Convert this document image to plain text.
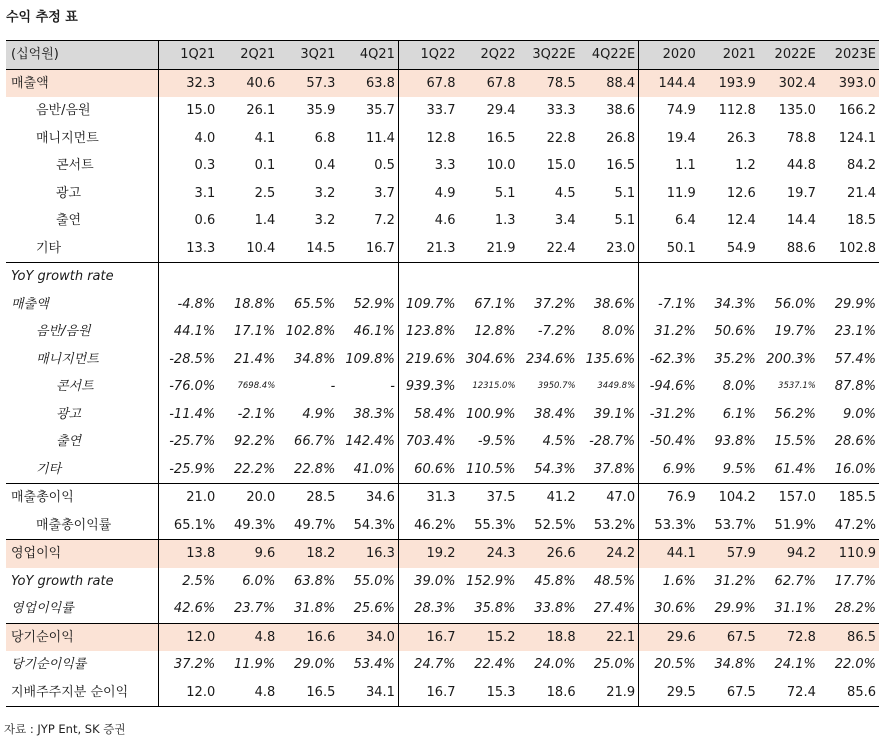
수익 추정 표
(십억원)	1Q21	2Q21	3Q21	4Q21	1Q22	2Q22	3Q22E	4Q22E	2020	2021	2022E	2023E
매출액	32.3	40.6	57.3	63.8	67.8	67.8	78.5	88.4	144.4	193.9	302.4	393.0
음반/음원	15.0	26.1	35.9	35.7	33.7	29.4	33.3	38.6	74.9	112.8	135.0	166.2
매니지먼트	4.0	4.1	6.8	11.4	12.8	16.5	22.8	26.8	19.4	26.3	78.8	124.1
콘서트	0.3	0.1	0.4	0.5	3.3	10.0	15.0	16.5	1.1	1.2	44.8	84.2
광고	3.1	2.5	3.2	3.7	4.9	5.1	4.5	5.1	11.9	12.6	19.7	21.4
출연	0.6	1.4	3.2	7.2	4.6	1.3	3.4	5.1	6.4	12.4	14.4	18.5
기타	13.3	10.4	14.5	16.7	21.3	21.9	22.4	23.0	50.1	54.9	88.6	102.8
YoY growth rate												
매출액	-4.8%	18.8%	65.5%	52.9%	109.7%	67.1%	37.2%	38.6%	-7.1%	34.3%	56.0%	29.9%
음반/음원	44.1%	17.1%	102.8%	46.1%	123.8%	12.8%	-7.2%	8.0%	31.2%	50.6%	19.7%	23.1%
매니지먼트	-28.5%	21.4%	34.8%	109.8%	219.6%	304.6%	234.6%	135.6%	-62.3%	35.2%	200.3%	57.4%
콘서트	-76.0%	7698.4%	-	-	939.3%	12315.0%	3950.7%	3449.8%	-94.6%	8.0%	3537.1%	87.8%
광고	-11.4%	-2.1%	4.9%	38.3%	58.4%	100.9%	38.4%	39.1%	-31.2%	6.1%	56.2%	9.0%
출연	-25.7%	92.2%	66.7%	142.4%	703.4%	-9.5%	4.5%	-28.7%	-50.4%	93.8%	15.5%	28.6%
기타	-25.9%	22.2%	22.8%	41.0%	60.6%	110.5%	54.3%	37.8%	6.9%	9.5%	61.4%	16.0%
매출총이익	21.0	20.0	28.5	34.6	31.3	37.5	41.2	47.0	76.9	104.2	157.0	185.5
매출총이익률	65.1%	49.3%	49.7%	54.3%	46.2%	55.3%	52.5%	53.2%	53.3%	53.7%	51.9%	47.2%
영업이익	13.8	9.6	18.2	16.3	19.2	24.3	26.6	24.2	44.1	57.9	94.2	110.9
YoY growth rate	2.5%	6.0%	63.8%	55.0%	39.0%	152.9%	45.8%	48.5%	1.6%	31.2%	62.7%	17.7%
영업이익률	42.6%	23.7%	31.8%	25.6%	28.3%	35.8%	33.8%	27.4%	30.6%	29.9%	31.1%	28.2%
당기순이익	12.0	4.8	16.6	34.0	16.7	15.2	18.8	22.1	29.6	67.5	72.8	86.5
당기순이익률	37.2%	11.9%	29.0%	53.4%	24.7%	22.4%	24.0%	25.0%	20.5%	34.8%	24.1%	22.0%
지배주주지분 순이익	12.0	4.8	16.5	34.1	16.7	15.3	18.6	21.9	29.5	67.5	72.4	85.6
자료 : JYP Ent, SK 증권
